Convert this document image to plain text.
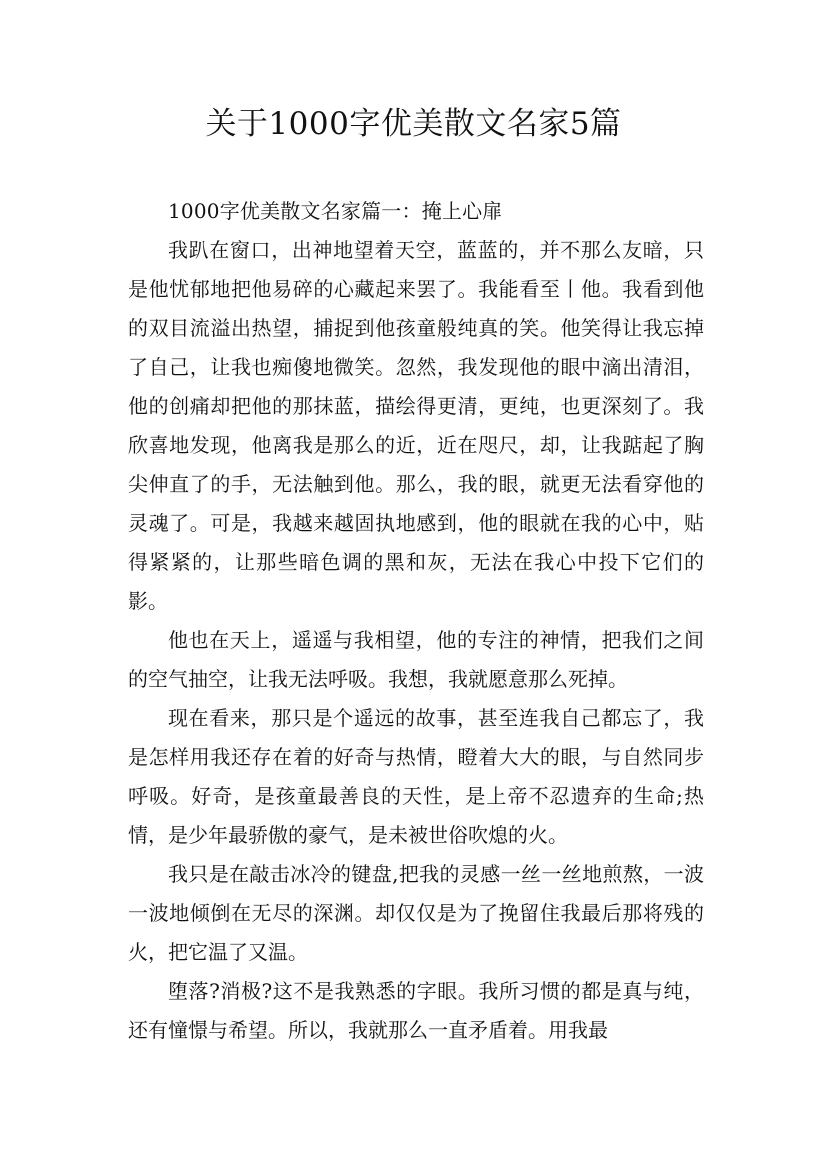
关于1000字优美散文名家5篇

1000字优美散文名家篇一：掩上心扉

我趴在窗口，出神地望着天空，蓝蓝的，并不那么友暗，只是他忧郁地把他易碎的心藏起来罢了。我能看至丨他。我看到他的双目流溢出热望，捕捉到他孩童般纯真的笑。他笑得让我忘掉了自己，让我也痴傻地微笑。忽然，我发现他的眼中滴出清泪，他的创痛却把他的那抹蓝，描绘得更清，更纯，也更深刻了。我欣喜地发现，他离我是那么的近，近在咫尺，却，让我踮起了胸尖伸直了的手，无法触到他。那么，我的眼，就更无法看穿他的灵魂了。可是，我越来越固执地感到，他的眼就在我的心中，贴得紧紧的，让那些暗色调的黑和灰，无法在我心中投下它们的影。

他也在天上，遥遥与我相望，他的专注的神情，把我们之间的空气抽空，让我无法呼吸。我想，我就愿意那么死掉。

现在看来，那只是个遥远的故事，甚至连我自己都忘了，我是怎样用我还存在着的好奇与热情，瞪着大大的眼，与自然同步呼吸。好奇，是孩童最善良的天性，是上帝不忍遗弃的生命;热情，是少年最骄傲的豪气，是未被世俗吹熄的火。

我只是在敲击冰冷的键盘,把我的灵感一丝一丝地煎熬，一波一波地倾倒在无尽的深渊。却仅仅是为了挽留住我最后那将残的火，把它温了又温。

堕落?消极?这不是我熟悉的字眼。我所习惯的都是真与纯，还有憧憬与希望。所以，我就那么一直矛盾着。用我最
